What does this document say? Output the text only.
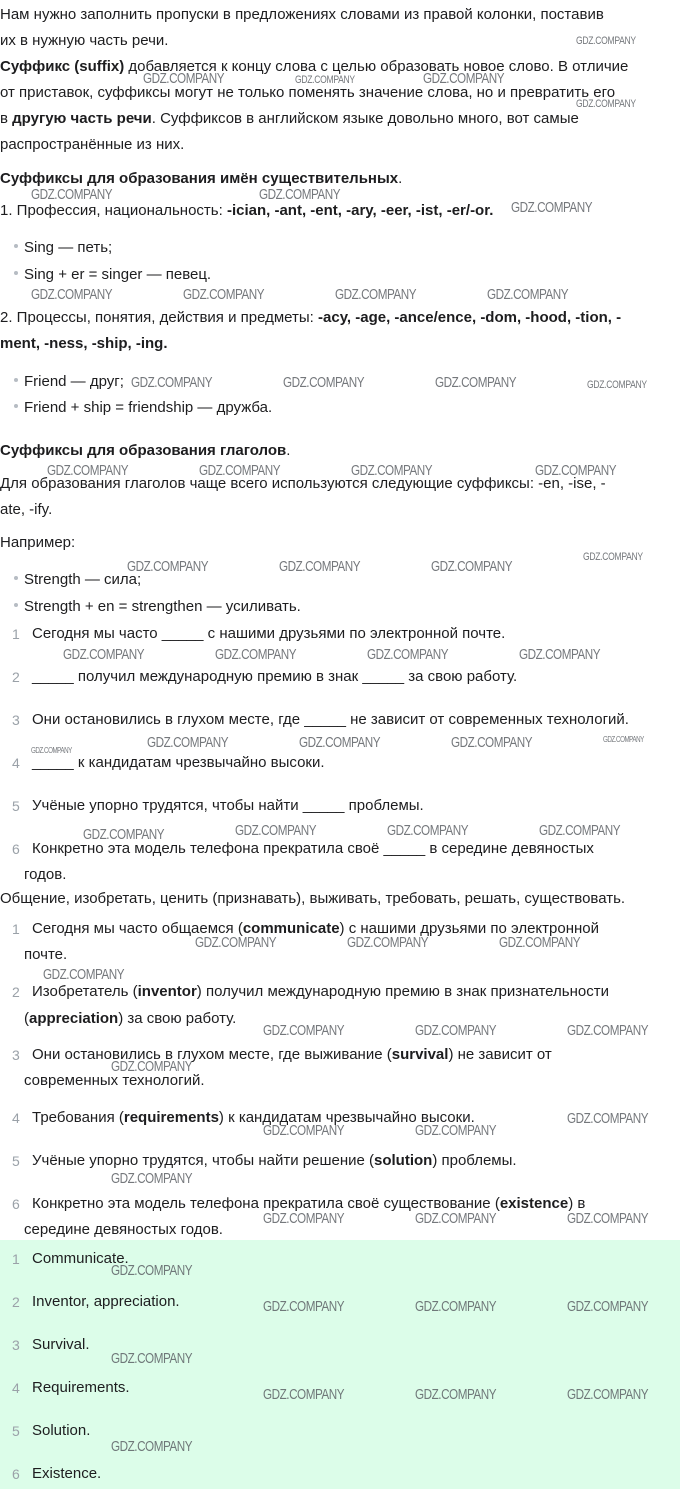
Нам нужно заполнить пропуски в предложениях словами из правой колонки, поставив
их в нужную часть речи.
Суффикс (suffix) добавляется к концу слова с целью образовать новое слово. В отличие
от приставок, суффиксы могут не только поменять значение слова, но и превратить его
в другую часть речи. Суффиксов в английском языке довольно много, вот самые
распространённые из них.
Суффиксы для образования имён существительных.
1. Профессия, национальность: -ician, -ant, -ent, -ary, -eer, -ist, -er/-or.
Sing — петь;
Sing + er = singer — певец.
2. Процессы, понятия, действия и предметы: -acy, -age, -ance/ence, -dom, -hood, -tion, -
ment, -ness, -ship, -ing.
Friend — друг;
Friend + ship = friendship — дружба.
Суффиксы для образования глаголов.
Для образования глаголов чаще всего используются следующие суффиксы: -en, -ise, -
ate, -ify.
Например:
Strength — сила;
Strength + en = strengthen — усиливать.
1 Сегодня мы часто _____ с нашими друзьями по электронной почте.
2 _____ получил международную премию в знак _____ за свою работу.
3 Они остановились в глухом месте, где _____ не зависит от современных технологий.
4 _____ к кандидатам чрезвычайно высоки.
5 Учёные упорно трудятся, чтобы найти _____ проблемы.
6 Конкретно эта модель телефона прекратила своё _____ в середине девяностых
годов.
Общение, изобретать, ценить (признавать), выживать, требовать, решать, существовать.
1 Сегодня мы часто общаемся (communicate) с нашими друзьями по электронной
почте.
2 Изобретатель (inventor) получил международную премию в знак признательности
(appreciation) за свою работу.
3 Они остановились в глухом месте, где выживание (survival) не зависит от
современных технологий.
4 Требования (requirements) к кандидатам чрезвычайно высоки.
5 Учёные упорно трудятся, чтобы найти решение (solution) проблемы.
6 Конкретно эта модель телефона прекратила своё существование (existence) в
середине девяностых годов.
1 Communicate.
2 Inventor, appreciation.
3 Survival.
4 Requirements.
5 Solution.
6 Existence.
GDZ.COMPANY
GDZ.COMPANY	GDZ.COMPANY	GDZ.COMPANY
GDZ.COMPANY
GDZ.COMPANY	GDZ.COMPANY
GDZ.COMPANY
GDZ.COMPANY	GDZ.COMPANY	GDZ.COMPANY	GDZ.COMPANY
GDZ.COMPANY	GDZ.COMPANY	GDZ.COMPANY	GDZ.COMPANY
GDZ.COMPANY	GDZ.COMPANY	GDZ.COMPANY	GDZ.COMPANY
GDZ.COMPANY	GDZ.COMPANY	GDZ.COMPANY
GDZ.COMPANY
GDZ.COMPANY	GDZ.COMPANY	GDZ.COMPANY	GDZ.COMPANY
GDZ.COMPANY	GDZ.COMPANY	GDZ.COMPANY	GDZ.COMPANY	GDZ.COMPANY
GDZ.COMPANY	GDZ.COMPANY	GDZ.COMPANY	GDZ.COMPANY
GDZ.COMPANY	GDZ.COMPANY	GDZ.COMPANY
GDZ.COMPANY
GDZ.COMPANY	GDZ.COMPANY	GDZ.COMPANY
GDZ.COMPANY
GDZ.COMPANY
GDZ.COMPANY	GDZ.COMPANY
GDZ.COMPANY
GDZ.COMPANY	GDZ.COMPANY	GDZ.COMPANY
GDZ.COMPANY
GDZ.COMPANY	GDZ.COMPANY	GDZ.COMPANY
GDZ.COMPANY
GDZ.COMPANY	GDZ.COMPANY	GDZ.COMPANY
GDZ.COMPANY
